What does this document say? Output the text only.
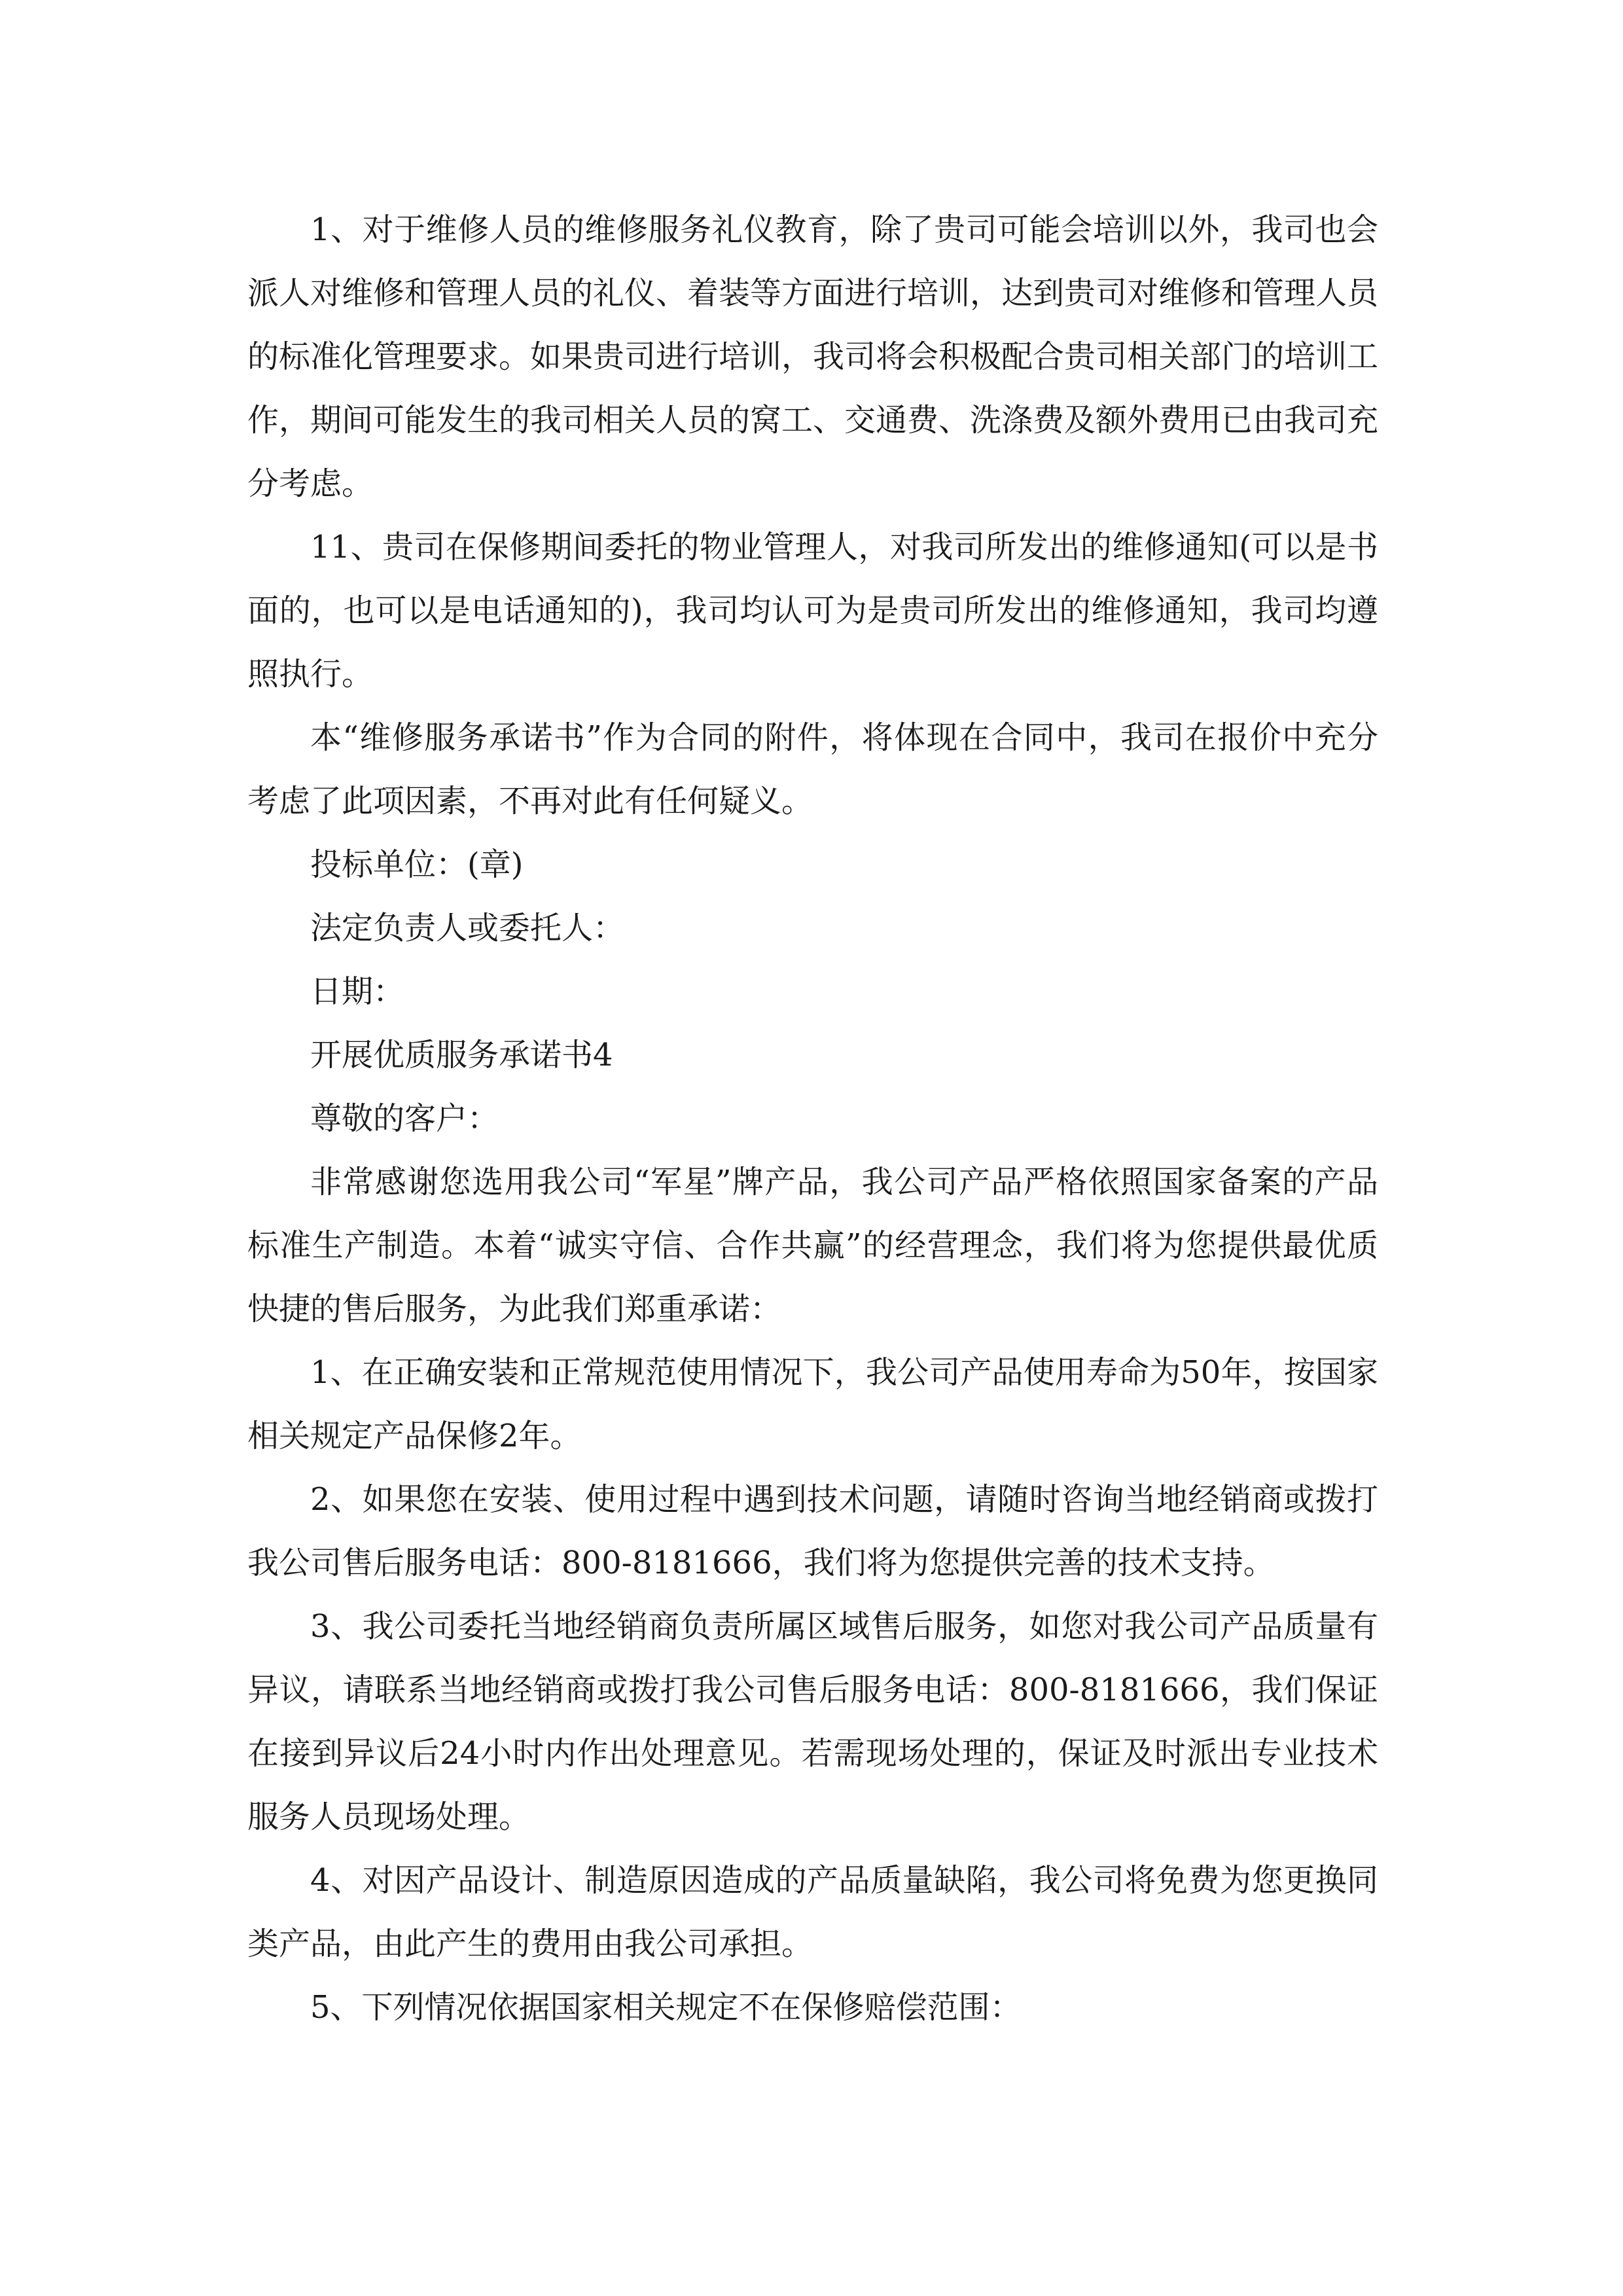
1、对于维修人员的维修服务礼仪教育，除了贵司可能会培训以外，我司也会派人对维修和管理人员的礼仪、着装等方面进行培训，达到贵司对维修和管理人员的标准化管理要求。如果贵司进行培训，我司将会积极配合贵司相关部门的培训工作，期间可能发生的我司相关人员的窝工、交通费、洗涤费及额外费用已由我司充分考虑。

11、贵司在保修期间委托的物业管理人，对我司所发出的维修通知(可以是书面的，也可以是电话通知的)，我司均认可为是贵司所发出的维修通知，我司均遵照执行。

本“维修服务承诺书”作为合同的附件，将体现在合同中，我司在报价中充分考虑了此项因素，不再对此有任何疑义。

投标单位：(章)

法定负责人或委托人：

日期：

开展优质服务承诺书4

尊敬的客户：

非常感谢您选用我公司“军星”牌产品，我公司产品严格依照国家备案的产品标准生产制造。本着“诚实守信、合作共赢”的经营理念，我们将为您提供最优质快捷的售后服务，为此我们郑重承诺：

1、在正确安装和正常规范使用情况下，我公司产品使用寿命为50年，按国家相关规定产品保修2年。

2、如果您在安装、使用过程中遇到技术问题，请随时咨询当地经销商或拨打我公司售后服务电话：800-8181666，我们将为您提供完善的技术支持。

3、我公司委托当地经销商负责所属区域售后服务，如您对我公司产品质量有异议，请联系当地经销商或拨打我公司售后服务电话：800-8181666，我们保证在接到异议后24小时内作出处理意见。若需现场处理的，保证及时派出专业技术服务人员现场处理。

4、对因产品设计、制造原因造成的产品质量缺陷，我公司将免费为您更换同类产品，由此产生的费用由我公司承担。

5、下列情况依据国家相关规定不在保修赔偿范围：
